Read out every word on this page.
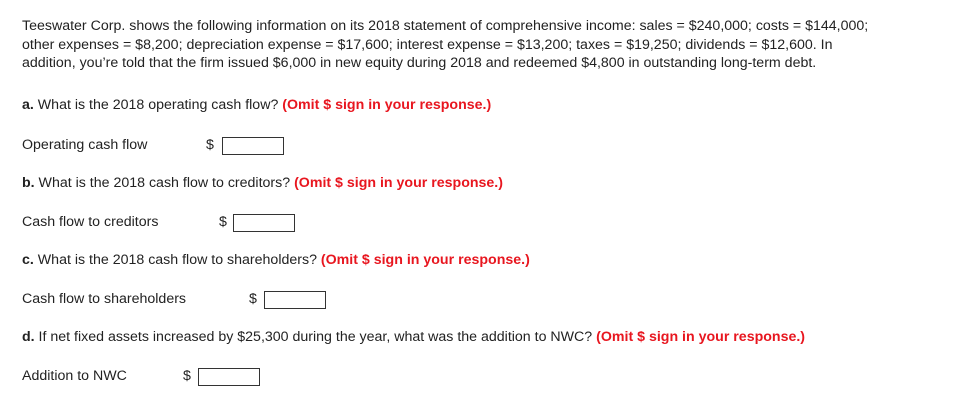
Teeswater Corp. shows the following information on its 2018 statement of comprehensive income: sales = $240,000; costs = $144,000;
other expenses = $8,200; depreciation expense = $17,600; interest expense = $13,200; taxes = $19,250; dividends = $12,600. In
addition, you’re told that the firm issued $6,000 in new equity during 2018 and redeemed $4,800 in outstanding long-term debt.

a. What is the 2018 operating cash flow? (Omit $ sign in your response.)

Operating cash flow	$

b. What is the 2018 cash flow to creditors? (Omit $ sign in your response.)

Cash flow to creditors	$

c. What is the 2018 cash flow to shareholders? (Omit $ sign in your response.)

Cash flow to shareholders	$

d. If net fixed assets increased by $25,300 during the year, what was the addition to NWC? (Omit $ sign in your response.)

Addition to NWC	$
